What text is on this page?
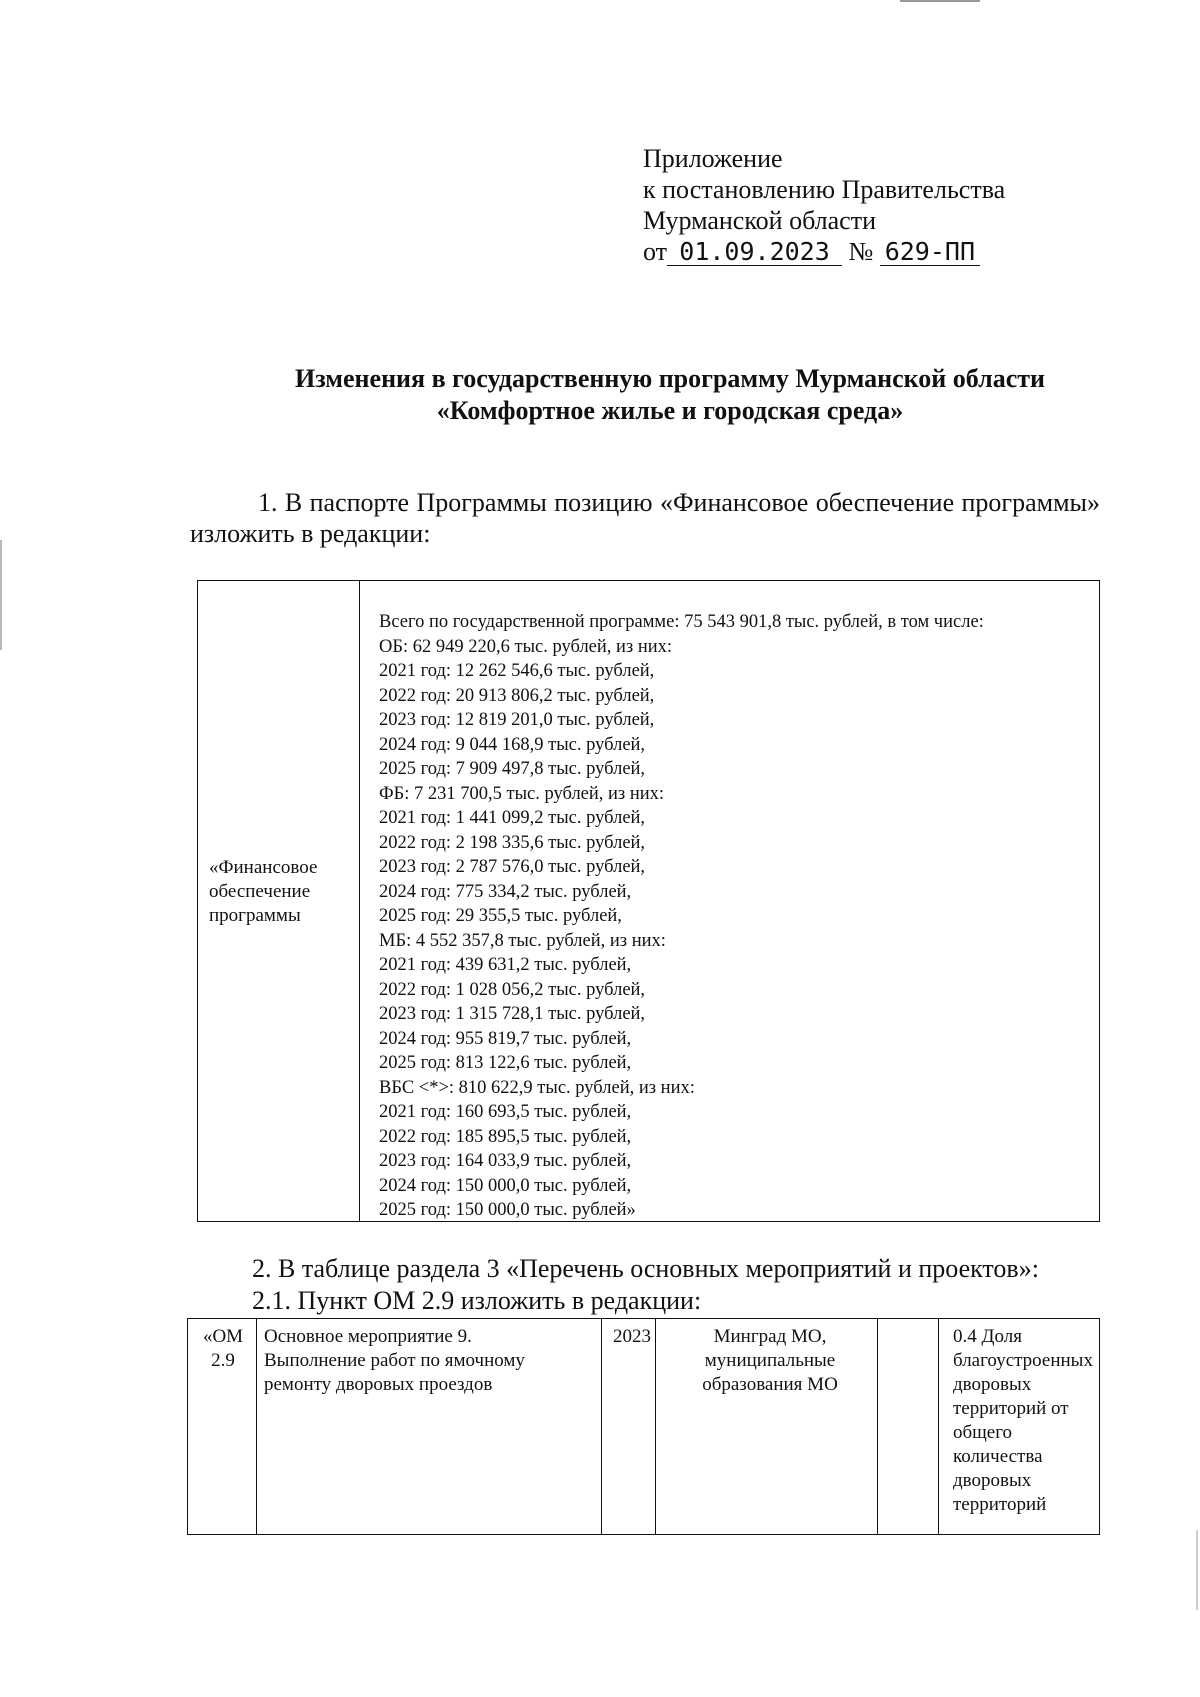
Приложение
к постановлению Правительства
Мурманской области
от 01.09.2023 № 629-ПП
Изменения в государственную программу Мурманской области
«Комфортное жилье и городская среда»
1. В паспорте Программы позицию «Финансовое обеспечение программы» изложить в редакции:
«Финансовое
обеспечение
программы
Всего по государственной программе: 75 543 901,8 тыс. рублей, в том числе:
ОБ: 62 949 220,6 тыс. рублей, из них:
2021 год: 12 262 546,6 тыс. рублей,
2022 год: 20 913 806,2 тыс. рублей,
2023 год: 12 819 201,0 тыс. рублей,
2024 год: 9 044 168,9 тыс. рублей,
2025 год: 7 909 497,8 тыс. рублей,
ФБ: 7 231 700,5 тыс. рублей, из них:
2021 год: 1 441 099,2 тыс. рублей,
2022 год: 2 198 335,6 тыс. рублей,
2023 год: 2 787 576,0 тыс. рублей,
2024 год: 775 334,2 тыс. рублей,
2025 год: 29 355,5 тыс. рублей,
МБ: 4 552 357,8 тыс. рублей, из них:
2021 год: 439 631,2 тыс. рублей,
2022 год: 1 028 056,2 тыс. рублей,
2023 год: 1 315 728,1 тыс. рублей,
2024 год: 955 819,7 тыс. рублей,
2025 год: 813 122,6 тыс. рублей,
ВБС <*>: 810 622,9 тыс. рублей, из них:
2021 год: 160 693,5 тыс. рублей,
2022 год: 185 895,5 тыс. рублей,
2023 год: 164 033,9 тыс. рублей,
2024 год: 150 000,0 тыс. рублей,
2025 год: 150 000,0 тыс. рублей»
2. В таблице раздела 3 «Перечень основных мероприятий и проектов»:
2.1. Пункт ОМ 2.9 изложить в редакции:
«ОМ
2.9
Основное мероприятие 9.
Выполнение работ по ямочному
ремонту дворовых проездов
2023	Минград МО,
муниципальные
образования МО
0.4 Доля
благоустроенных
дворовых
территорий от
общего
количества
дворовых
территорий
